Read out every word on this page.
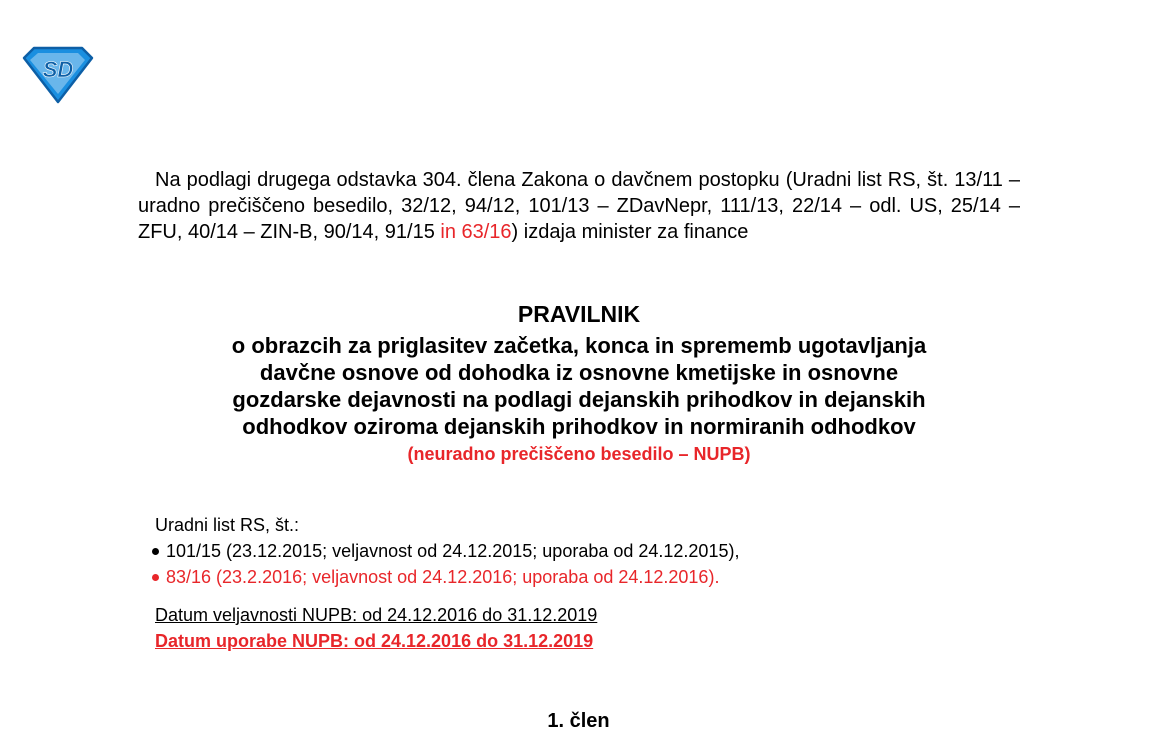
SD

Na podlagi drugega odstavka 304. člena Zakona o davčnem postopku (Uradni list RS, št. 13/11 – uradno prečiščeno besedilo, 32/12, 94/12, 101/13 – ZDavNepr, 111/13, 22/14 – odl. US, 25/14 – ZFU, 40/14 – ZIN-B, 90/14, 91/15 in 63/16) izdaja minister za finance

PRAVILNIK

o obrazcih za priglasitev začetka, konca in sprememb ugotavljanja

davčne osnove od dohodka iz osnovne kmetijske in osnovne

gozdarske dejavnosti na podlagi dejanskih prihodkov in dejanskih

odhodkov oziroma dejanskih prihodkov in normiranih odhodkov

(neuradno prečiščeno besedilo – NUPB)

Uradni list RS, št.:

101/15 (23.12.2015; veljavnost od 24.12.2015; uporaba od 24.12.2015),
83/16 (23.2.2016; veljavnost od 24.12.2016; uporaba od 24.12.2016).

Datum veljavnosti NUPB: od 24.12.2016 do 31.12.2019

Datum uporabe NUPB: od 24.12.2016 do 31.12.2019

1. člen
